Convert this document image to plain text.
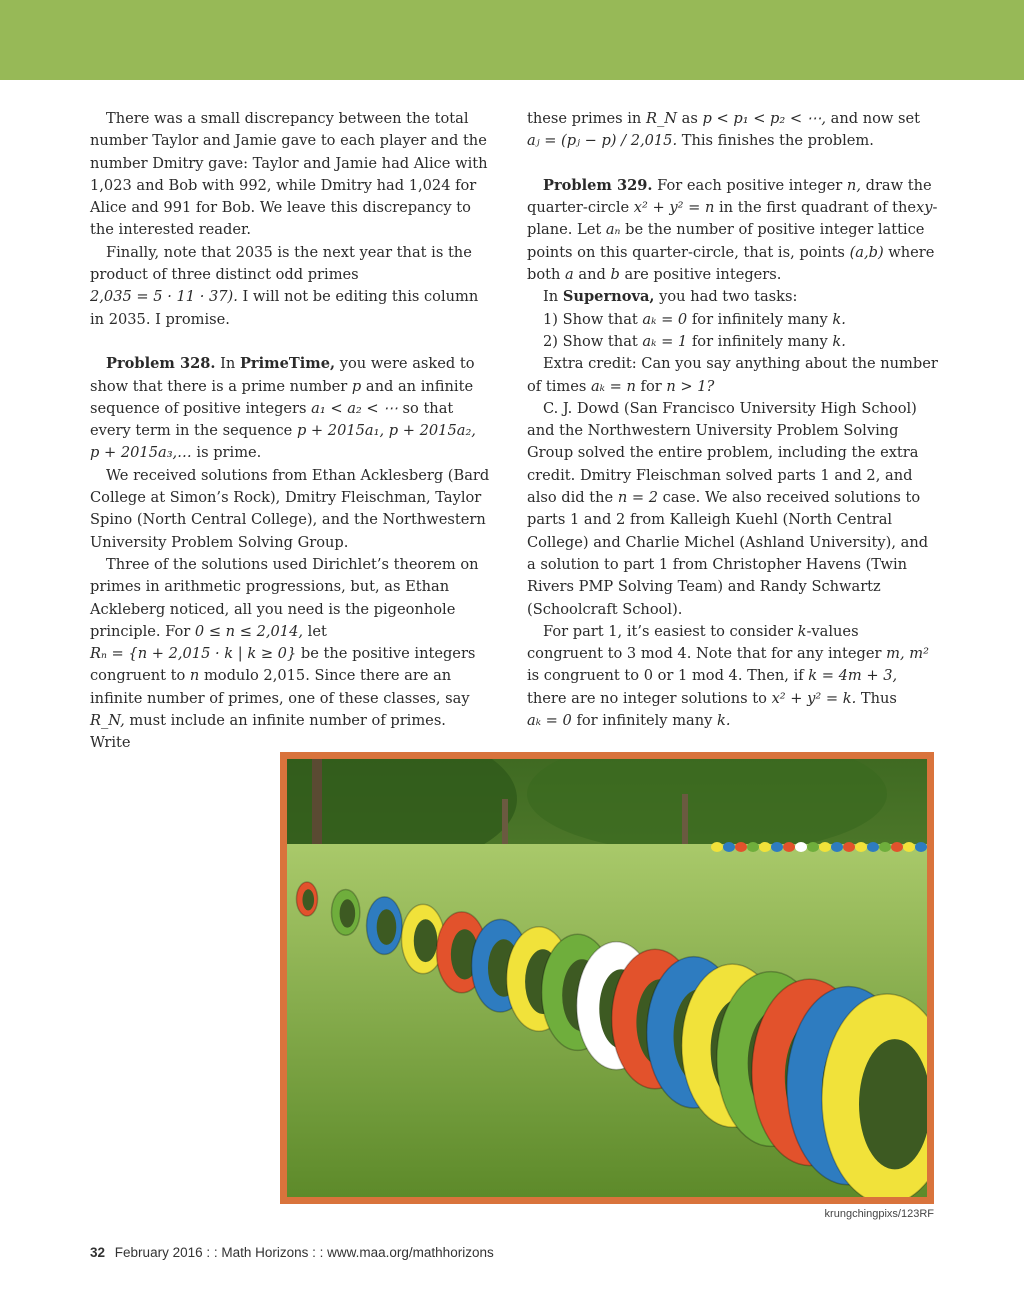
There was a small discrepancy between the total number Taylor and Jamie gave to each player and the number Dmitry gave: Taylor and Jamie had Alice with 1,023 and Bob with 992, while Dmitry had 1,024 for Alice and 991 for Bob. We leave this discrepancy to the interested reader.

Finally, note that 2035 is the next year that is the product of three distinct odd primes 2,035 = 5 · 11 · 37). I will not be editing this column in 2035. I promise.

Problem 328. In PrimeTime, you were asked to show that there is a prime number p and an infinite sequence of positive integers a₁ < a₂ < ⋯ so that every term in the sequence p + 2015a₁, p + 2015a₂, p + 2015a₃,… is prime.

We received solutions from Ethan Acklesberg (Bard College at Simon’s Rock), Dmitry Fleischman, Taylor Spino (North Central College), and the Northwestern University Problem Solving Group.

Three of the solutions used Dirichlet’s theorem on primes in arithmetic progressions, but, as Ethan Ackleberg noticed, all you need is the pigeonhole principle. For 0 ≤ n ≤ 2,014, let Rₙ = {n + 2,015 · k | k ≥ 0} be the positive integers congruent to n modulo 2,015. Since there are an infinite number of primes, one of these classes, say R_N, must include an infinite number of primes. Write

these primes in R_N as p < p₁ < p₂ < ⋯, and now set aⱼ = (pⱼ − p) / 2,015. This finishes the problem.

Problem 329. For each positive integer n, draw the quarter-circle x² + y² = n in the first quadrant of thexy-plane. Let aₙ be the number of positive integer lattice points on this quarter-circle, that is, points (a,b) where both a and b are positive integers.

In Supernova, you had two tasks:

1) Show that aₖ = 0 for infinitely many k.

2) Show that aₖ = 1 for infinitely many k.

Extra credit: Can you say anything about the number of times aₖ = n for n > 1?

C. J. Dowd (San Francisco University High School) and the Northwestern University Problem Solving Group solved the entire problem, including the extra credit. Dmitry Fleischman solved parts 1 and 2, and also did the n = 2 case. We also received solutions to parts 1 and 2 from Kalleigh Kuehl (North Central College) and Charlie Michel (Ashland University), and a solution to part 1 from Christopher Havens (Twin Rivers PMP Solving Team) and Randy Schwartz (Schoolcraft School).

For part 1, it’s easiest to consider k-values congruent to 3 mod 4. Note that for any integer m, m² is congruent to 0 or 1 mod 4. Then, if k = 4m + 3, there are no integer solutions to x² + y² = k. Thus aₖ = 0 for infinitely many k.

krungchingpixs/123RF
32 February 2016 : : Math Horizons : : www.maa.org/mathhorizons
